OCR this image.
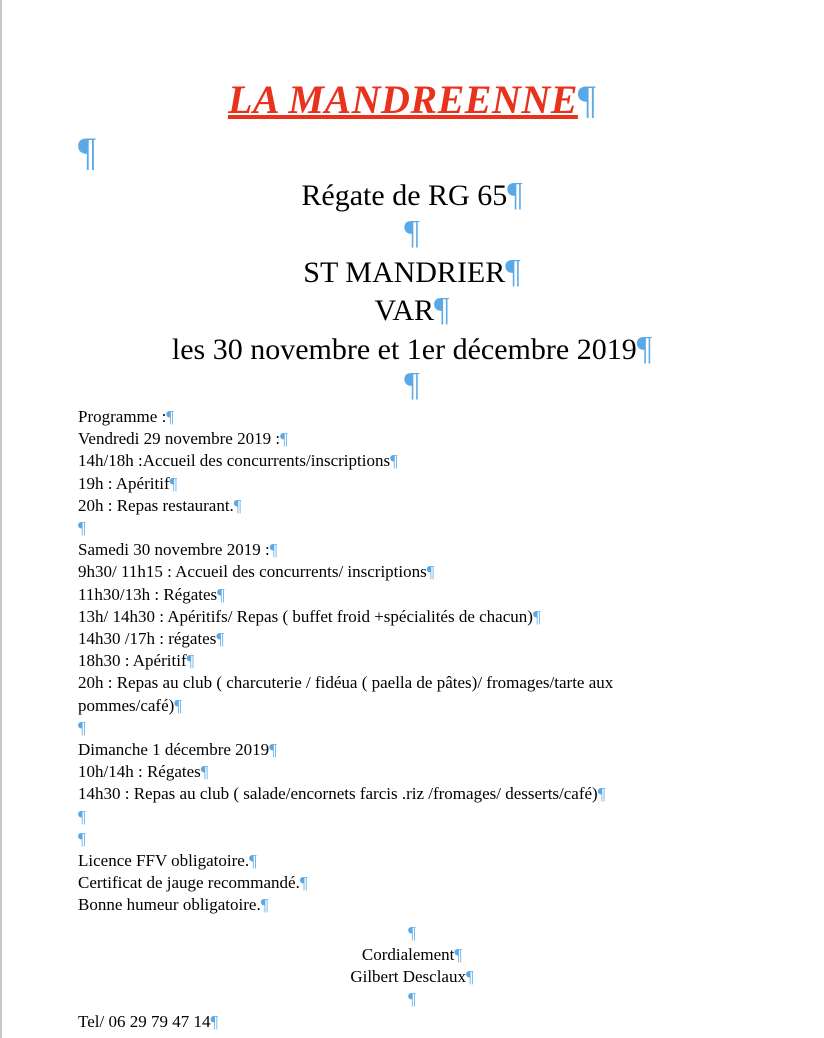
LA MANDREENNE¶
¶
Régate de RG 65¶
¶
ST MANDRIER¶
VAR¶
les 30 novembre et 1er décembre 2019¶
¶
Programme :¶
Vendredi 29 novembre 2019 :¶
14h/18h :Accueil des concurrents/inscriptions¶
19h : Apéritif¶
20h : Repas restaurant.¶
¶
Samedi 30 novembre 2019 :¶
9h30/ 11h15 : Accueil des concurrents/ inscriptions¶
11h30/13h : Régates¶
13h/ 14h30 : Apéritifs/ Repas ( buffet froid +spécialités de chacun)¶
14h30 /17h : régates¶
18h30 : Apéritif¶
20h : Repas au club ( charcuterie / fidéua ( paella de pâtes)/ fromages/tarte aux
pommes/café)¶
¶
Dimanche 1 décembre 2019¶
10h/14h : Régates¶
14h30 : Repas au club ( salade/encornets farcis .riz /fromages/ desserts/café)¶
¶
¶
Licence FFV obligatoire.¶
Certificat de jauge recommandé.¶
Bonne humeur obligatoire.¶
¶
Cordialement¶
Gilbert Desclaux¶
¶
Tel/ 06 29 79 47 14¶
